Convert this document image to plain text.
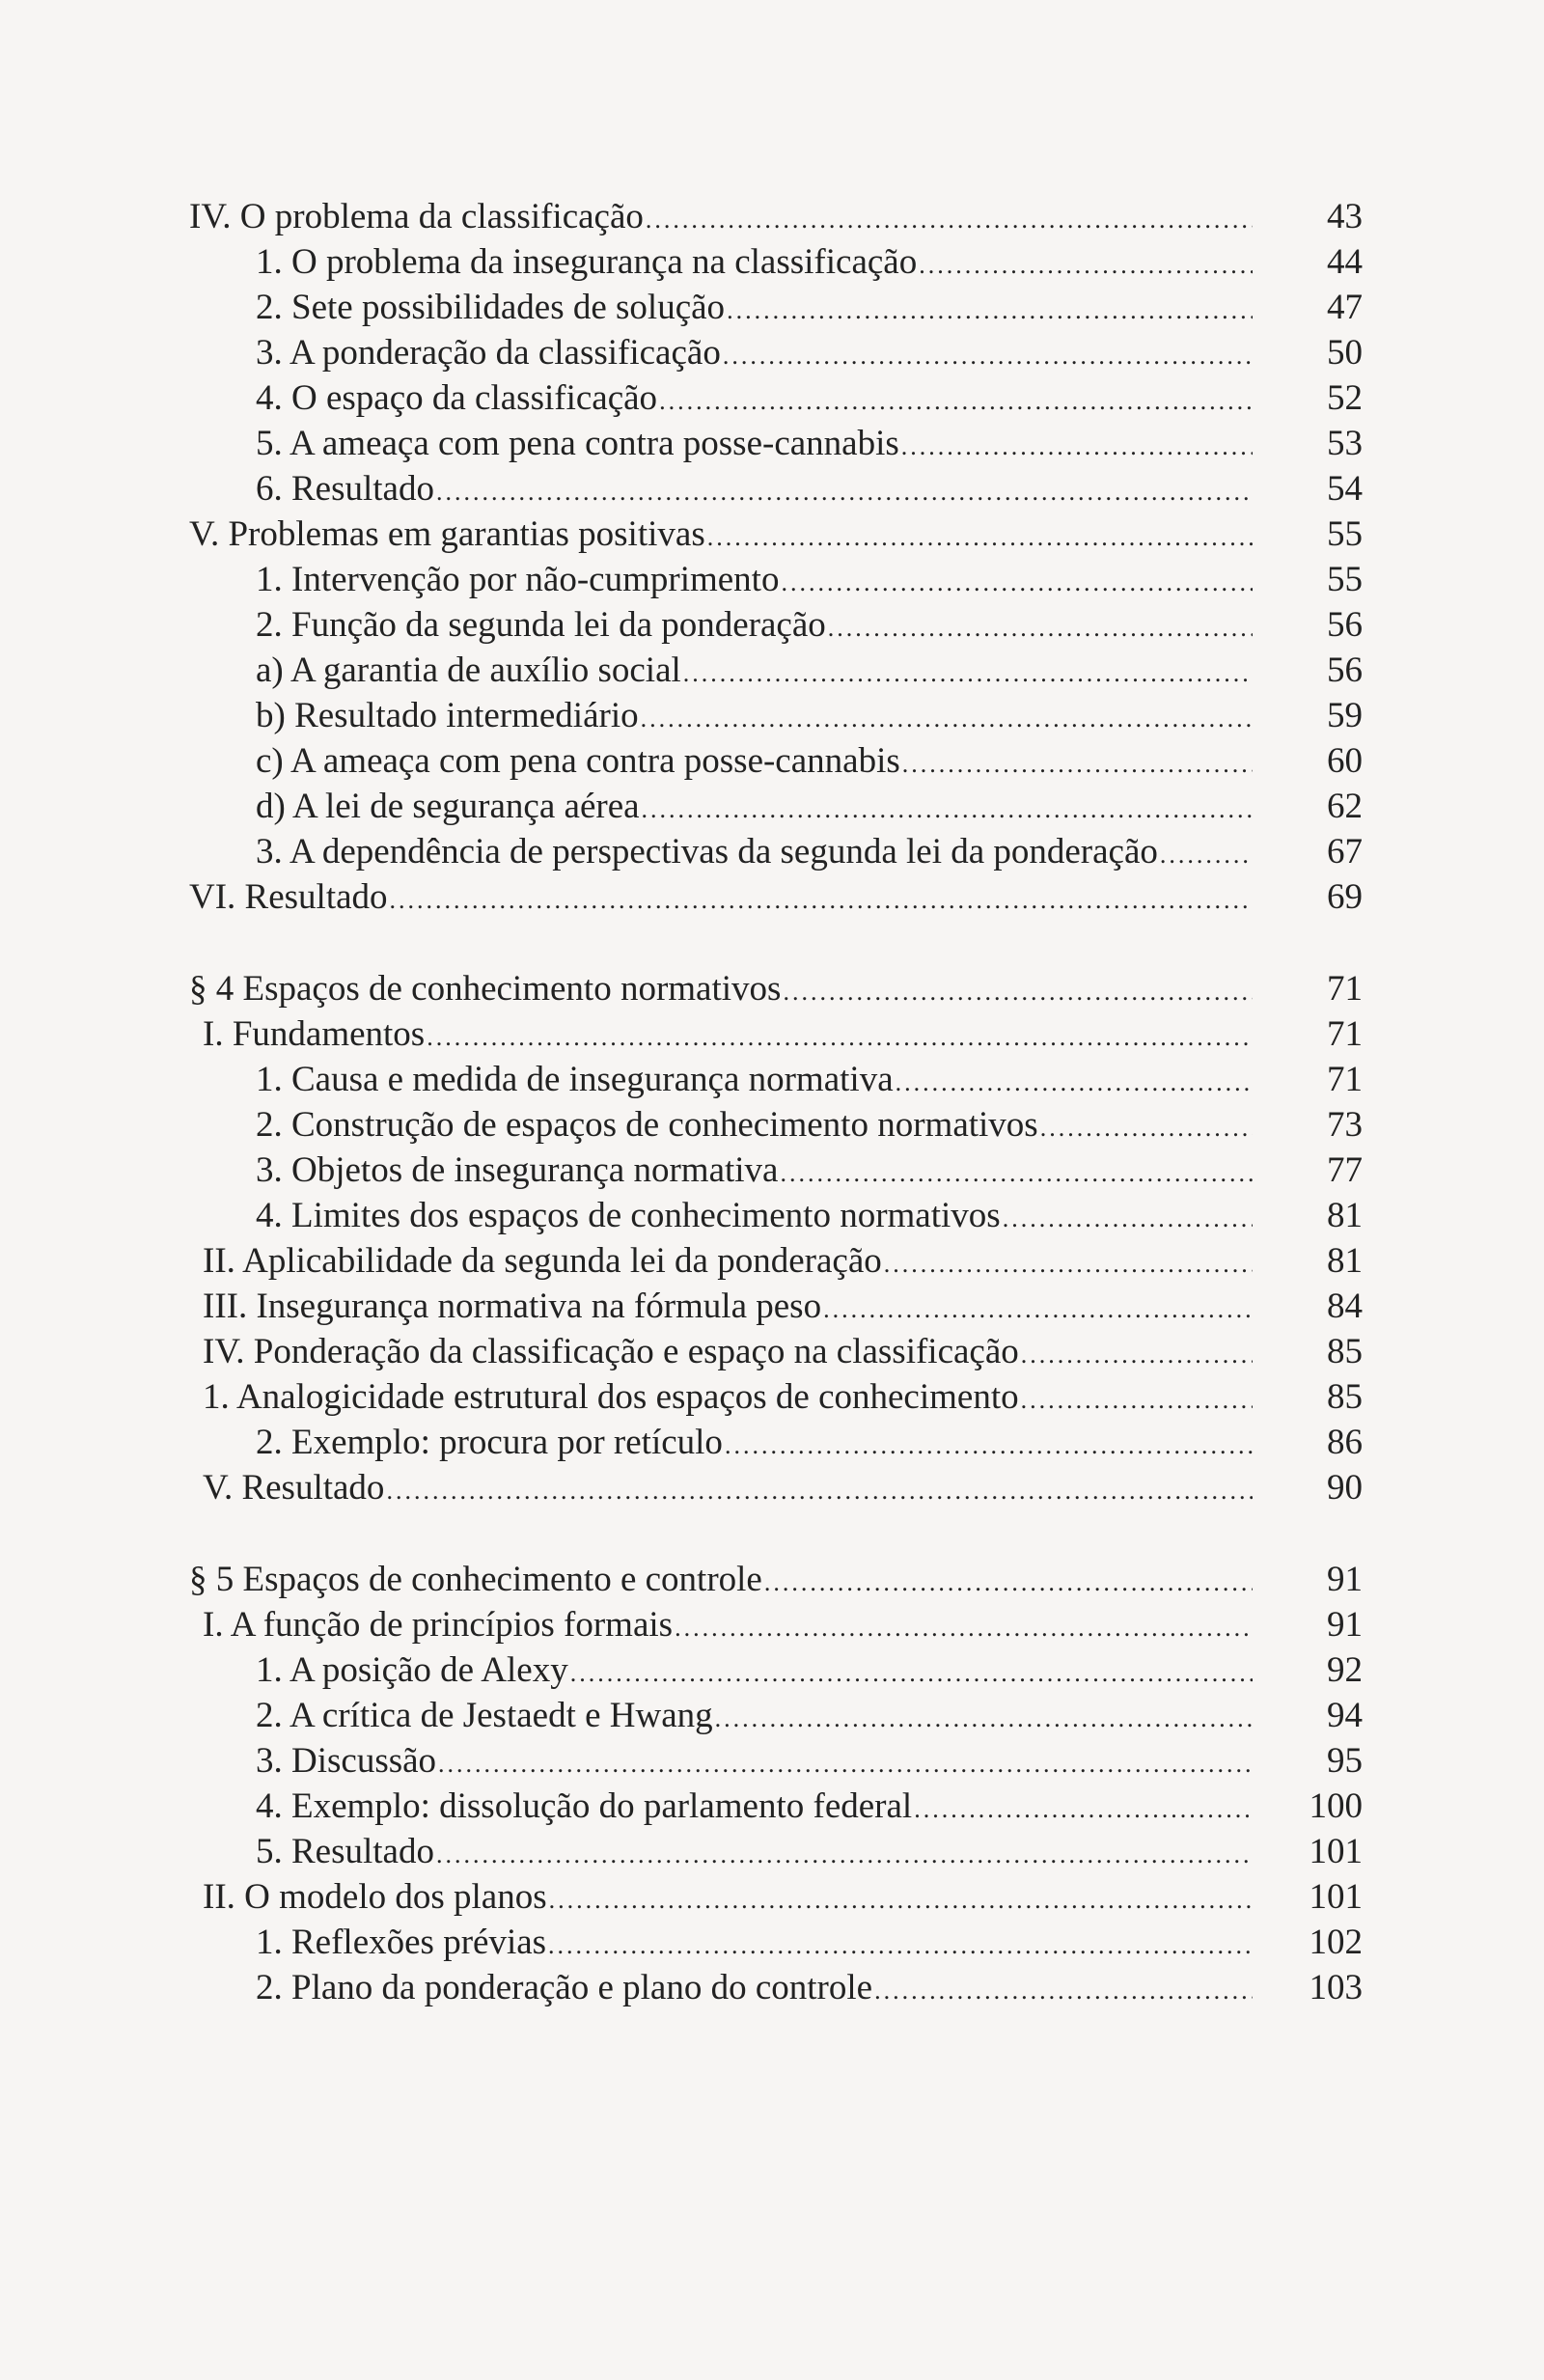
IV. O problema da classificação .....	43
1. O problema da insegurança na classificação .....	44
2. Sete possibilidades de solução .....	47
3. A ponderação da classificação .....	50
4. O espaço da classificação .....	52
5. A ameaça com pena contra posse-cannabis .....	53
6. Resultado .....	54
V. Problemas em garantias positivas .....	55
1. Intervenção por não-cumprimento .....	55
2. Função da segunda lei da ponderação .....	56
a) A garantia de auxílio social .....	56
b) Resultado intermediário .....	59
c) A ameaça com pena contra posse-cannabis .....	60
d) A lei de segurança aérea .....	62
3. A dependência de perspectivas da segunda lei da ponderação .....	67
VI. Resultado .....	69
§ 4 Espaços de conhecimento normativos .....	71
I. Fundamentos .....	71
1. Causa e medida de insegurança normativa .....	71
2. Construção de espaços de conhecimento normativos .....	73
3. Objetos de insegurança normativa .....	77
4. Limites dos espaços de conhecimento normativos .....	81
II. Aplicabilidade da segunda lei da ponderação .....	81
III. Insegurança normativa na fórmula peso .....	84
IV. Ponderação da classificação e espaço na classificação .....	85
1. Analogicidade estrutural dos espaços de conhecimento .....	85
2. Exemplo: procura por retículo .....	86
V. Resultado .....	90
§ 5 Espaços de conhecimento e controle .....	91
I. A função de princípios formais .....	91
1. A posição de Alexy .....	92
2. A crítica de Jestaedt e Hwang .....	94
3. Discussão .....	95
4. Exemplo: dissolução do parlamento federal .....	100
5. Resultado .....	101
II. O modelo dos planos .....	101
1. Reflexões prévias .....	102
2. Plano da ponderação e plano do controle .....	103
